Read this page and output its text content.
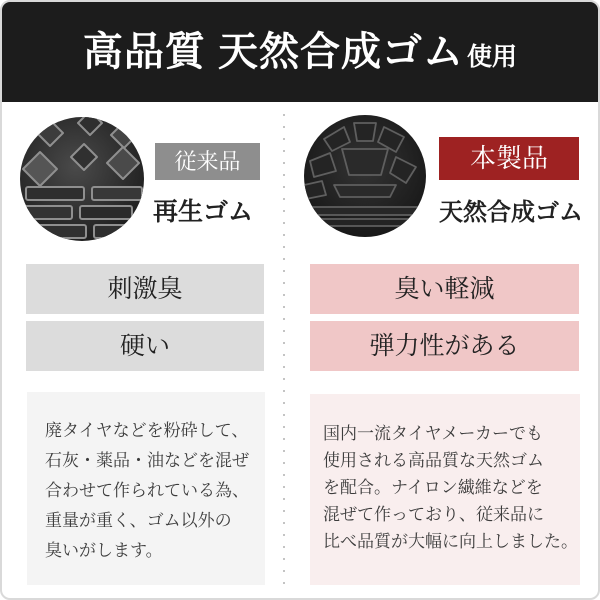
高品質 天然合成ゴム 使用
従来品
再生ゴム
刺激臭
硬い
廃タイヤなどを粉砕して、
石灰・薬品・油などを混ぜ
合わせて作られている為、
重量が重く、ゴム以外の
臭いがします。
本製品
天然合成ゴム
臭い軽減
弾力性がある
国内一流タイヤメーカーでも
使用される高品質な天然ゴム
を配合。ナイロン繊維などを
混ぜて作っており、従来品に
比べ品質が大幅に向上しました。
